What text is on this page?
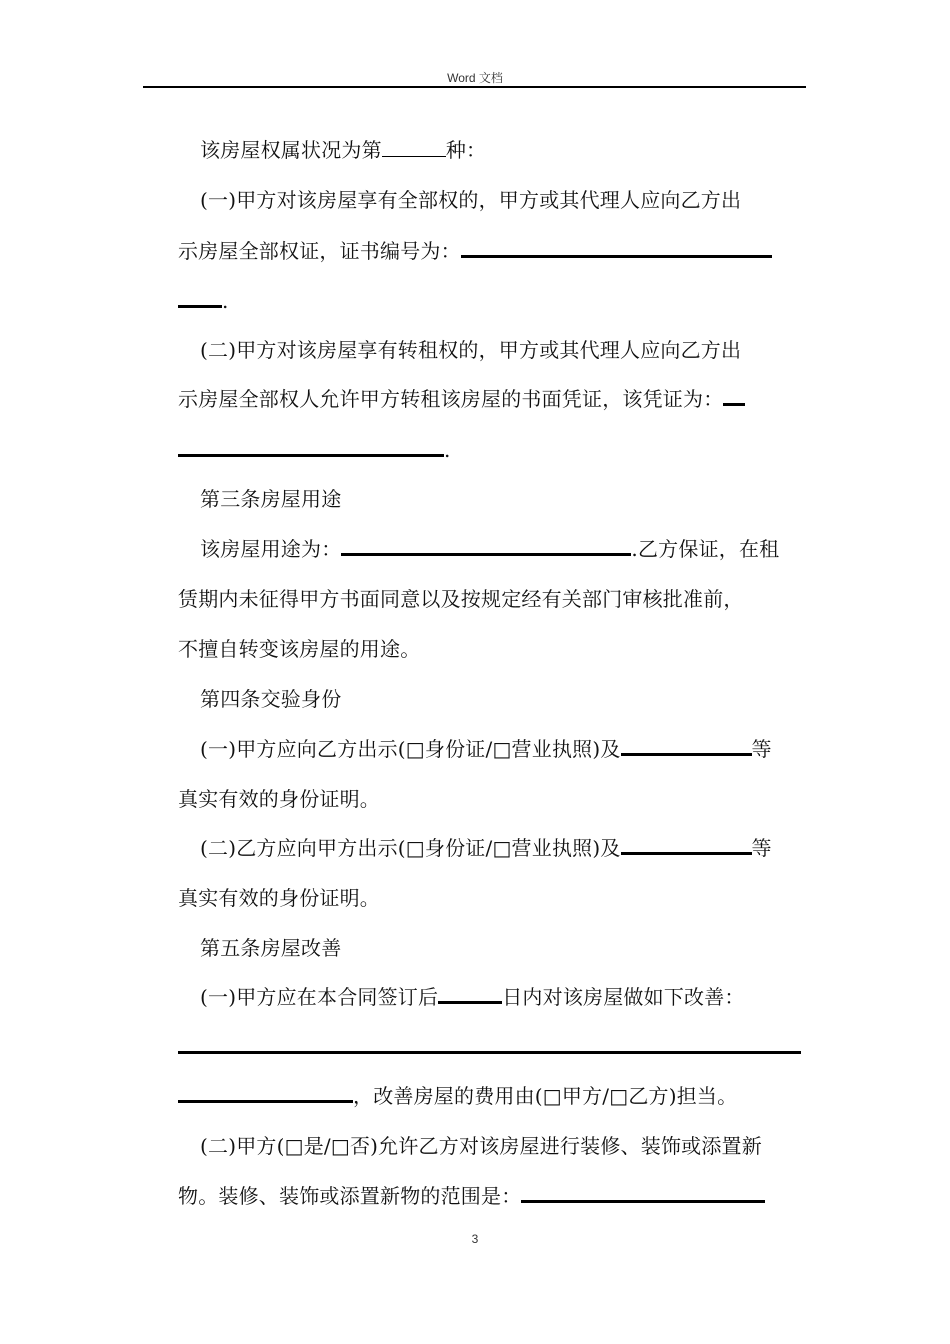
Word 文档
该房屋权属状况为第	种：
(一)甲方对该房屋享有全部权的，甲方或其代理人应向乙方出
示房屋全部权证，证书编号为：
.
(二)甲方对该房屋享有转租权的，甲方或其代理人应向乙方出
示房屋全部权人允许甲方转租该房屋的书面凭证，该凭证为：
.
第三条房屋用途
该房屋用途为：	.乙方保证，在租
赁期内未征得甲方书面同意以及按规定经有关部门审核批准前，
不擅自转变该房屋的用途。
第四条交验身份
(一)甲方应向乙方出示(□身份证/□营业执照)及	等
真实有效的身份证明。
(二)乙方应向甲方出示(□身份证/□营业执照)及	等
真实有效的身份证明。
第五条房屋改善
(一)甲方应在本合同签订后	日内对该房屋做如下改善：
，改善房屋的费用由(□甲方/□乙方)担当。
(二)甲方(□是/□否)允许乙方对该房屋进行装修、装饰或添置新
物。装修、装饰或添置新物的范围是：
3
